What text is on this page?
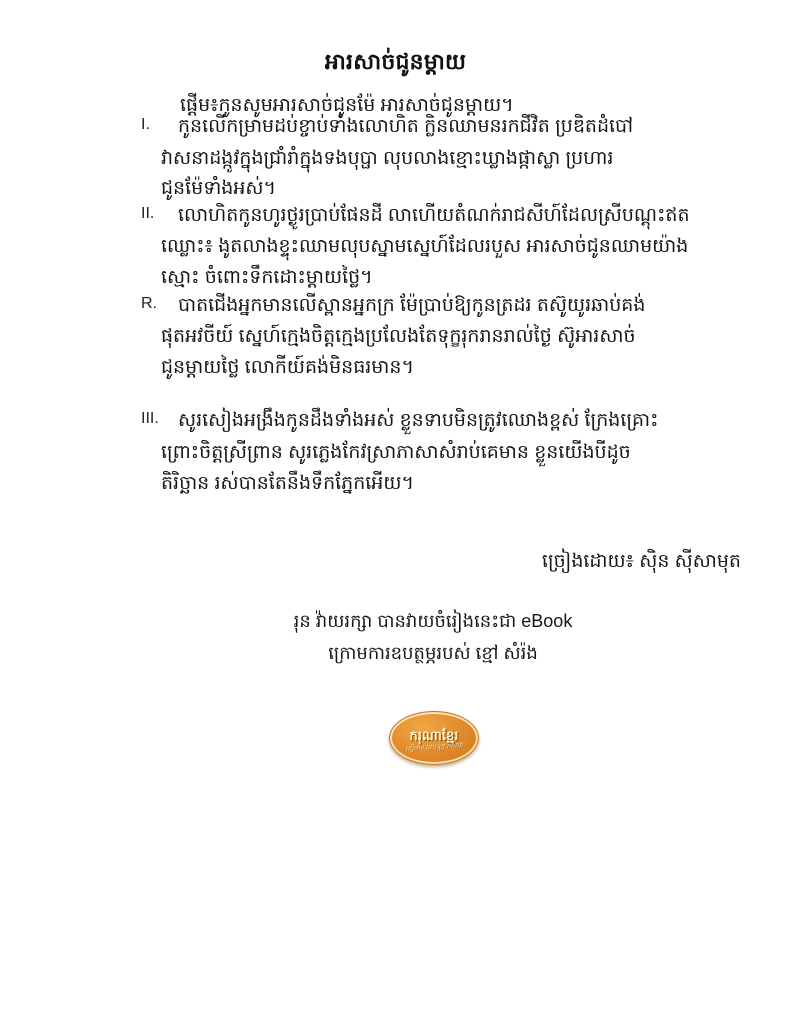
អារសាច់ជូនម្ដាយ
ផ្ដើម៖កូនសូមអារសាច់ជូនម៉ែ អារសាច់ជូនម្ដាយ។
I. កូនលើកម្រាមដប់ខ្ចាប់ទាំងលោហិត ក្លិនឈាមនរកជីវិត ប្រឌិតដំបៅ
វាសនាដង្កូវក្នុងជ្រាំរាំក្នុងទងបុប្ផា លុបលាងខ្មោះឃ្លាងផ្កាស្លា ប្រហារ
ជូនម៉ែទាំងអស់។
II. លោហិតកូនហូរថ្ងូរប្រាប់ផែនដី លាហើយតំណក់រាជសីហ៍ដែលស្រីបណ្ដុះឥត
ឈ្លោះ៖ ងូតលាងខ្ទុះឈាមលុបស្នាមស្នេហ៍ដែលរបួស អារសាច់ជូនឈាមយ៉ាង
ស្មោះ ចំពោះទឹកដោះម្ដាយថ្លៃ។
R. បាតជើងអ្នកមានលើស្ពានអ្នកក្រ ម៉ែប្រាប់ឱ្យកូនត្រដរ តស៊ូយូរឆាប់គង់
ផុតអវចីយ៍ ស្នេហ៍ក្មេងចិត្តក្មេងប្រលែងតែទុក្ខរុករានរាល់ថ្ងៃ ស៊ូអារសាច់
ជូនម្ដាយថ្លៃ លោកីយ៍គង់មិនធរមាន។
III. សូរសៀងអង្រឹងកូនដឹងទាំងអស់ ខ្លួនទាបមិនត្រូវឈោងខ្ពស់ ក្រែងគ្រោះ
ព្រោះចិត្តស្រីព្រាន សូរភ្លេងកែវស្រាភាសាសំរាប់គេមាន ខ្លួនយើងបីដូច
តិរិច្ឆាន រស់បានតែនឹងទឹកភ្នែកអើយ។
ច្រៀងដោយ៖ ស៊ិន ស៊ីសាមុត
រុន វ៉ាយរក្សា បានវាយចំរៀងនេះជា eBook
ក្រោមការឧបត្ថម្ភរបស់ ខ្មៅ សំរ៉ង
ករុណាខ្មែរ
ស្មើចាត ដោះទុក្ខ កសាង
